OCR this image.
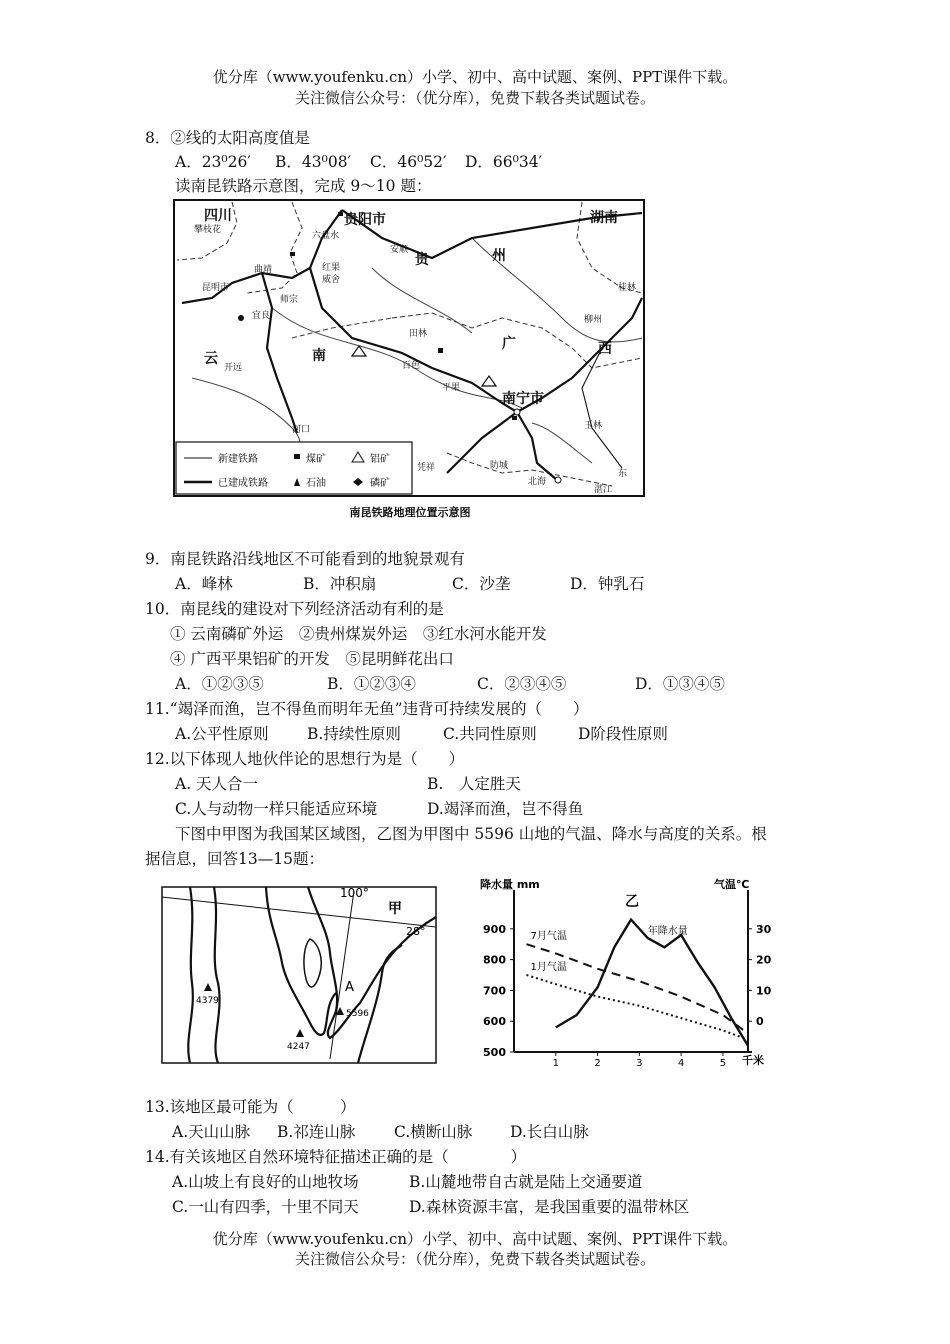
优分库（www.youfenku.cn）小学、初中、高中试题、案例、PPT课件下载。
关注微信公众号：（优分库），免费下载各类试题试卷。
8．②线的太阳高度值是
A．23⁰26′ B．43⁰08′ C．46⁰52′ D．66⁰34′
读南昆铁路示意图，完成 9～10 题：
四川	贵阳市	湖南
贵	州
云	南
广	西
南宁市
攀枝花
六盘水
安顺
曲靖	红果
威舍
昆明市
师宗
宜良
桂林
柳州
田林
开远	百色
平果
玉林
河口
凭祥	防城
北海
东
湛江
新建铁路
已建成铁路
煤矿
石油
铝矿
磷矿
南昆铁路地理位置示意图
9．南昆铁路沿线地区不可能看到的地貌景观有
A．峰林	B．冲积扇	C．沙垄	D．钟乳石
10．南昆线的建设对下列经济活动有利的是
① 云南磷矿外运　②贵州煤炭外运　③红水河水能开发
④ 广西平果铝矿的开发　⑤昆明鲜花出口
A．①②③⑤	B．①②③④	C．②③④⑤	D．①③④⑤
11.“竭泽而渔，岂不得鱼而明年无鱼”违背可持续发展的（　　）
A.公平性原则 B.持续性原则	C.共同性原则	D阶段性原则
12.以下体现人地伙伴论的思想行为是（　　）
A. 天人合一	B.　人定胜天
C.人与动物一样只能适应环境	D.竭泽而渔，岂不得鱼
下图中甲图为我国某区域图，乙图为甲图中 5596 山地的气温、降水与高度的关系。根
据信息，回答13—15题：
4379
4247
5596
A
100°
甲
28°
降水量 mm	气温℃
乙
千米
500
600
700
800
900
0
10
20
30
1	2	3	4	5
年降水量
7月气温
1月气温
13.该地区最可能为（　　　）
A.天山山脉 B.祁连山脉 C.横断山脉 D.长白山脉
14.有关该地区自然环境特征描述正确的是（　　　　）
A.山坡上有良好的山地牧场	B.山麓地带自古就是陆上交通要道
C.一山有四季，十里不同天	D.森林资源丰富，是我国重要的温带林区
优分库（www.youfenku.cn）小学、初中、高中试题、案例、PPT课件下载。
关注微信公众号：（优分库），免费下载各类试题试卷。
